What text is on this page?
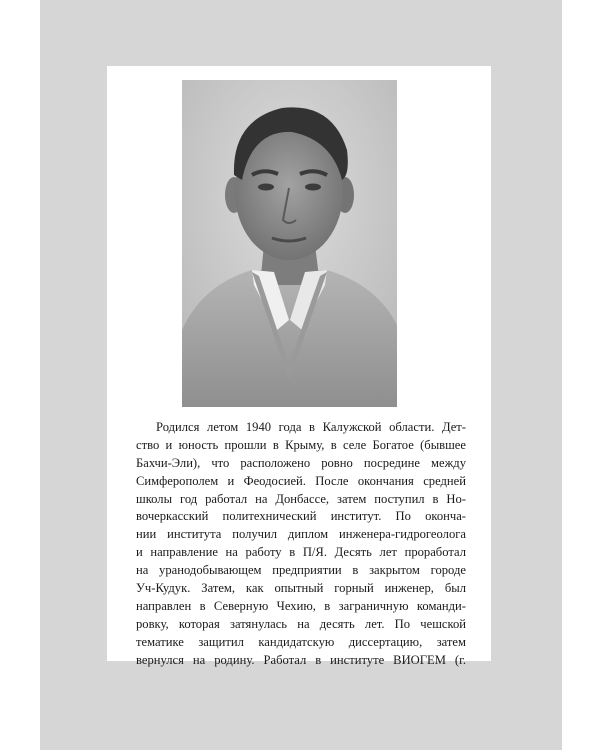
Родился летом 1940 года в Калужской области. Дет-
ство и юность прошли в Крыму, в селе Богатое (бывшее
Бахчи-Эли), что расположено ровно посредине между
Симферополем и Феодосией. После окончания средней
школы год работал на Донбассе, затем поступил в Но-
вочеркасский политехнический институт. По оконча-
нии института получил диплом инженера-гидрогеолога
и направление на работу в П/Я. Десять лет проработал
на уранодобывающем предприятии в закрытом городе
Уч-Кудук. Затем, как опытный горный инженер, был
направлен в Северную Чехию, в заграничную команди-
ровку, которая затянулась на десять лет. По чешской
тематике защитил кандидатскую диссертацию, затем
вернулся на родину. Работал в институте ВИОГЕМ (г.
